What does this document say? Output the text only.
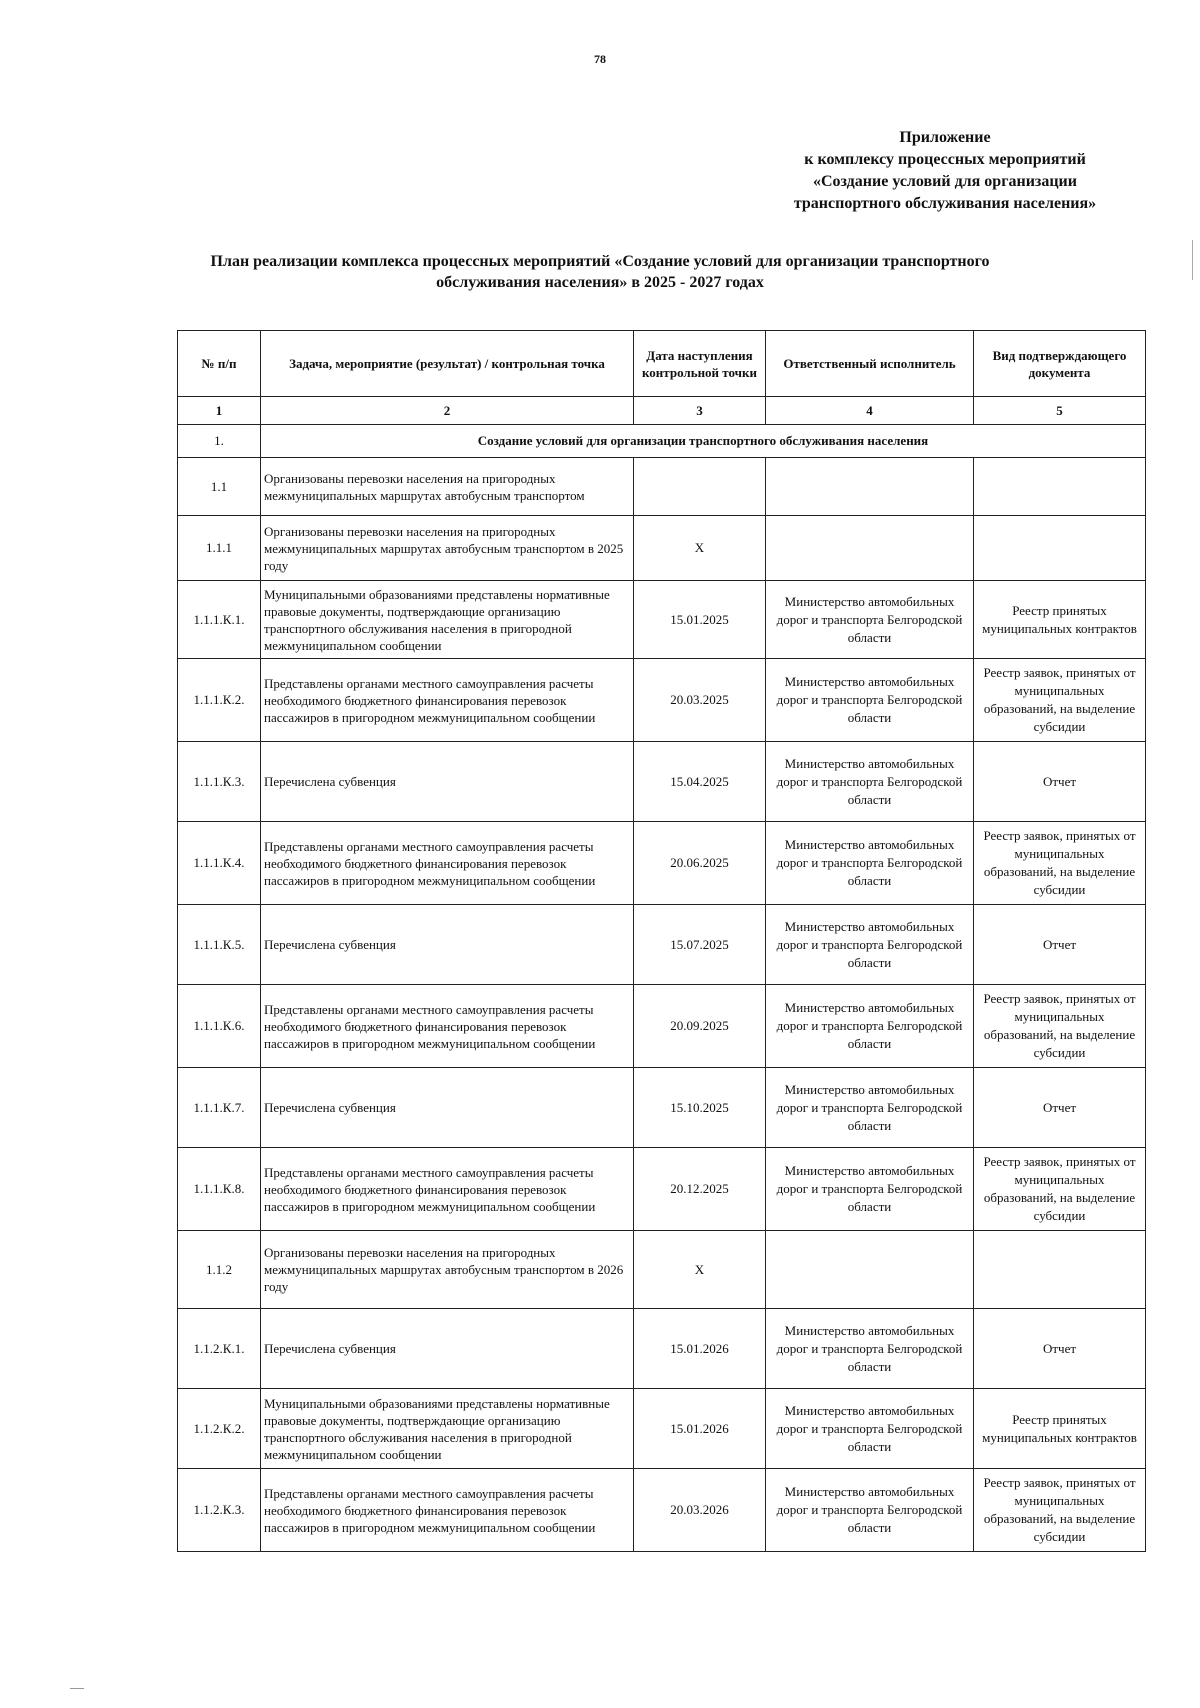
78
Приложение
к комплексу процессных мероприятий
«Создание условий для организации
транспортного обслуживания населения»
План реализации комплекса процессных мероприятий «Создание условий для организации транспортного
обслуживания населения» в 2025 - 2027 годах
№ п/п	Задача, мероприятие (результат) / контрольная точка	Дата наступления контрольной точки	Ответственный исполнитель	Вид подтверждающего документа
1	2	3	4	5
1.	Создание условий для организации транспортного обслуживания населения			
1.1	Организованы перевозки населения на пригородных межмуниципальных маршрутах автобусным транспортом			
1.1.1	Организованы перевозки населения на пригородных межмуниципальных маршрутах автобусным транспортом в 2025 году	X		
1.1.1.К.1.	Муниципальными образованиями представлены нормативные правовые документы, подтверждающие организацию транспортного обслуживания населения в пригородной межмуниципальном сообщении	15.01.2025	Министерство автомобильных дорог и транспорта Белгородской области	Реестр принятых муниципальных контрактов
1.1.1.К.2.	Представлены органами местного самоуправления расчеты необходимого бюджетного финансирования перевозок пассажиров в пригородном межмуниципальном сообщении	20.03.2025	Министерство автомобильных дорог и транспорта Белгородской области	Реестр заявок, принятых от муниципальных образований, на выделение субсидии
1.1.1.К.3.	Перечислена субвенция	15.04.2025	Министерство автомобильных дорог и транспорта Белгородской области	Отчет
1.1.1.К.4.	Представлены органами местного самоуправления расчеты необходимого бюджетного финансирования перевозок пассажиров в пригородном межмуниципальном сообщении	20.06.2025	Министерство автомобильных дорог и транспорта Белгородской области	Реестр заявок, принятых от муниципальных образований, на выделение субсидии
1.1.1.К.5.	Перечислена субвенция	15.07.2025	Министерство автомобильных дорог и транспорта Белгородской области	Отчет
1.1.1.К.6.	Представлены органами местного самоуправления расчеты необходимого бюджетного финансирования перевозок пассажиров в пригородном межмуниципальном сообщении	20.09.2025	Министерство автомобильных дорог и транспорта Белгородской области	Реестр заявок, принятых от муниципальных образований, на выделение субсидии
1.1.1.К.7.	Перечислена субвенция	15.10.2025	Министерство автомобильных дорог и транспорта Белгородской области	Отчет
1.1.1.К.8.	Представлены органами местного самоуправления расчеты необходимого бюджетного финансирования перевозок пассажиров в пригородном межмуниципальном сообщении	20.12.2025	Министерство автомобильных дорог и транспорта Белгородской области	Реестр заявок, принятых от муниципальных образований, на выделение субсидии
1.1.2	Организованы перевозки населения на пригородных межмуниципальных маршрутах автобусным транспортом в 2026 году	X		
1.1.2.К.1.	Перечислена субвенция	15.01.2026	Министерство автомобильных дорог и транспорта Белгородской области	Отчет
1.1.2.К.2.	Муниципальными образованиями представлены нормативные правовые документы, подтверждающие организацию транспортного обслуживания населения в пригородной межмуниципальном сообщении	15.01.2026	Министерство автомобильных дорог и транспорта Белгородской области	Реестр принятых муниципальных контрактов
1.1.2.К.3.	Представлены органами местного самоуправления расчеты необходимого бюджетного финансирования перевозок пассажиров в пригородном межмуниципальном сообщении	20.03.2026	Министерство автомобильных дорог и транспорта Белгородской области	Реестр заявок, принятых от муниципальных образований, на выделение субсидии
